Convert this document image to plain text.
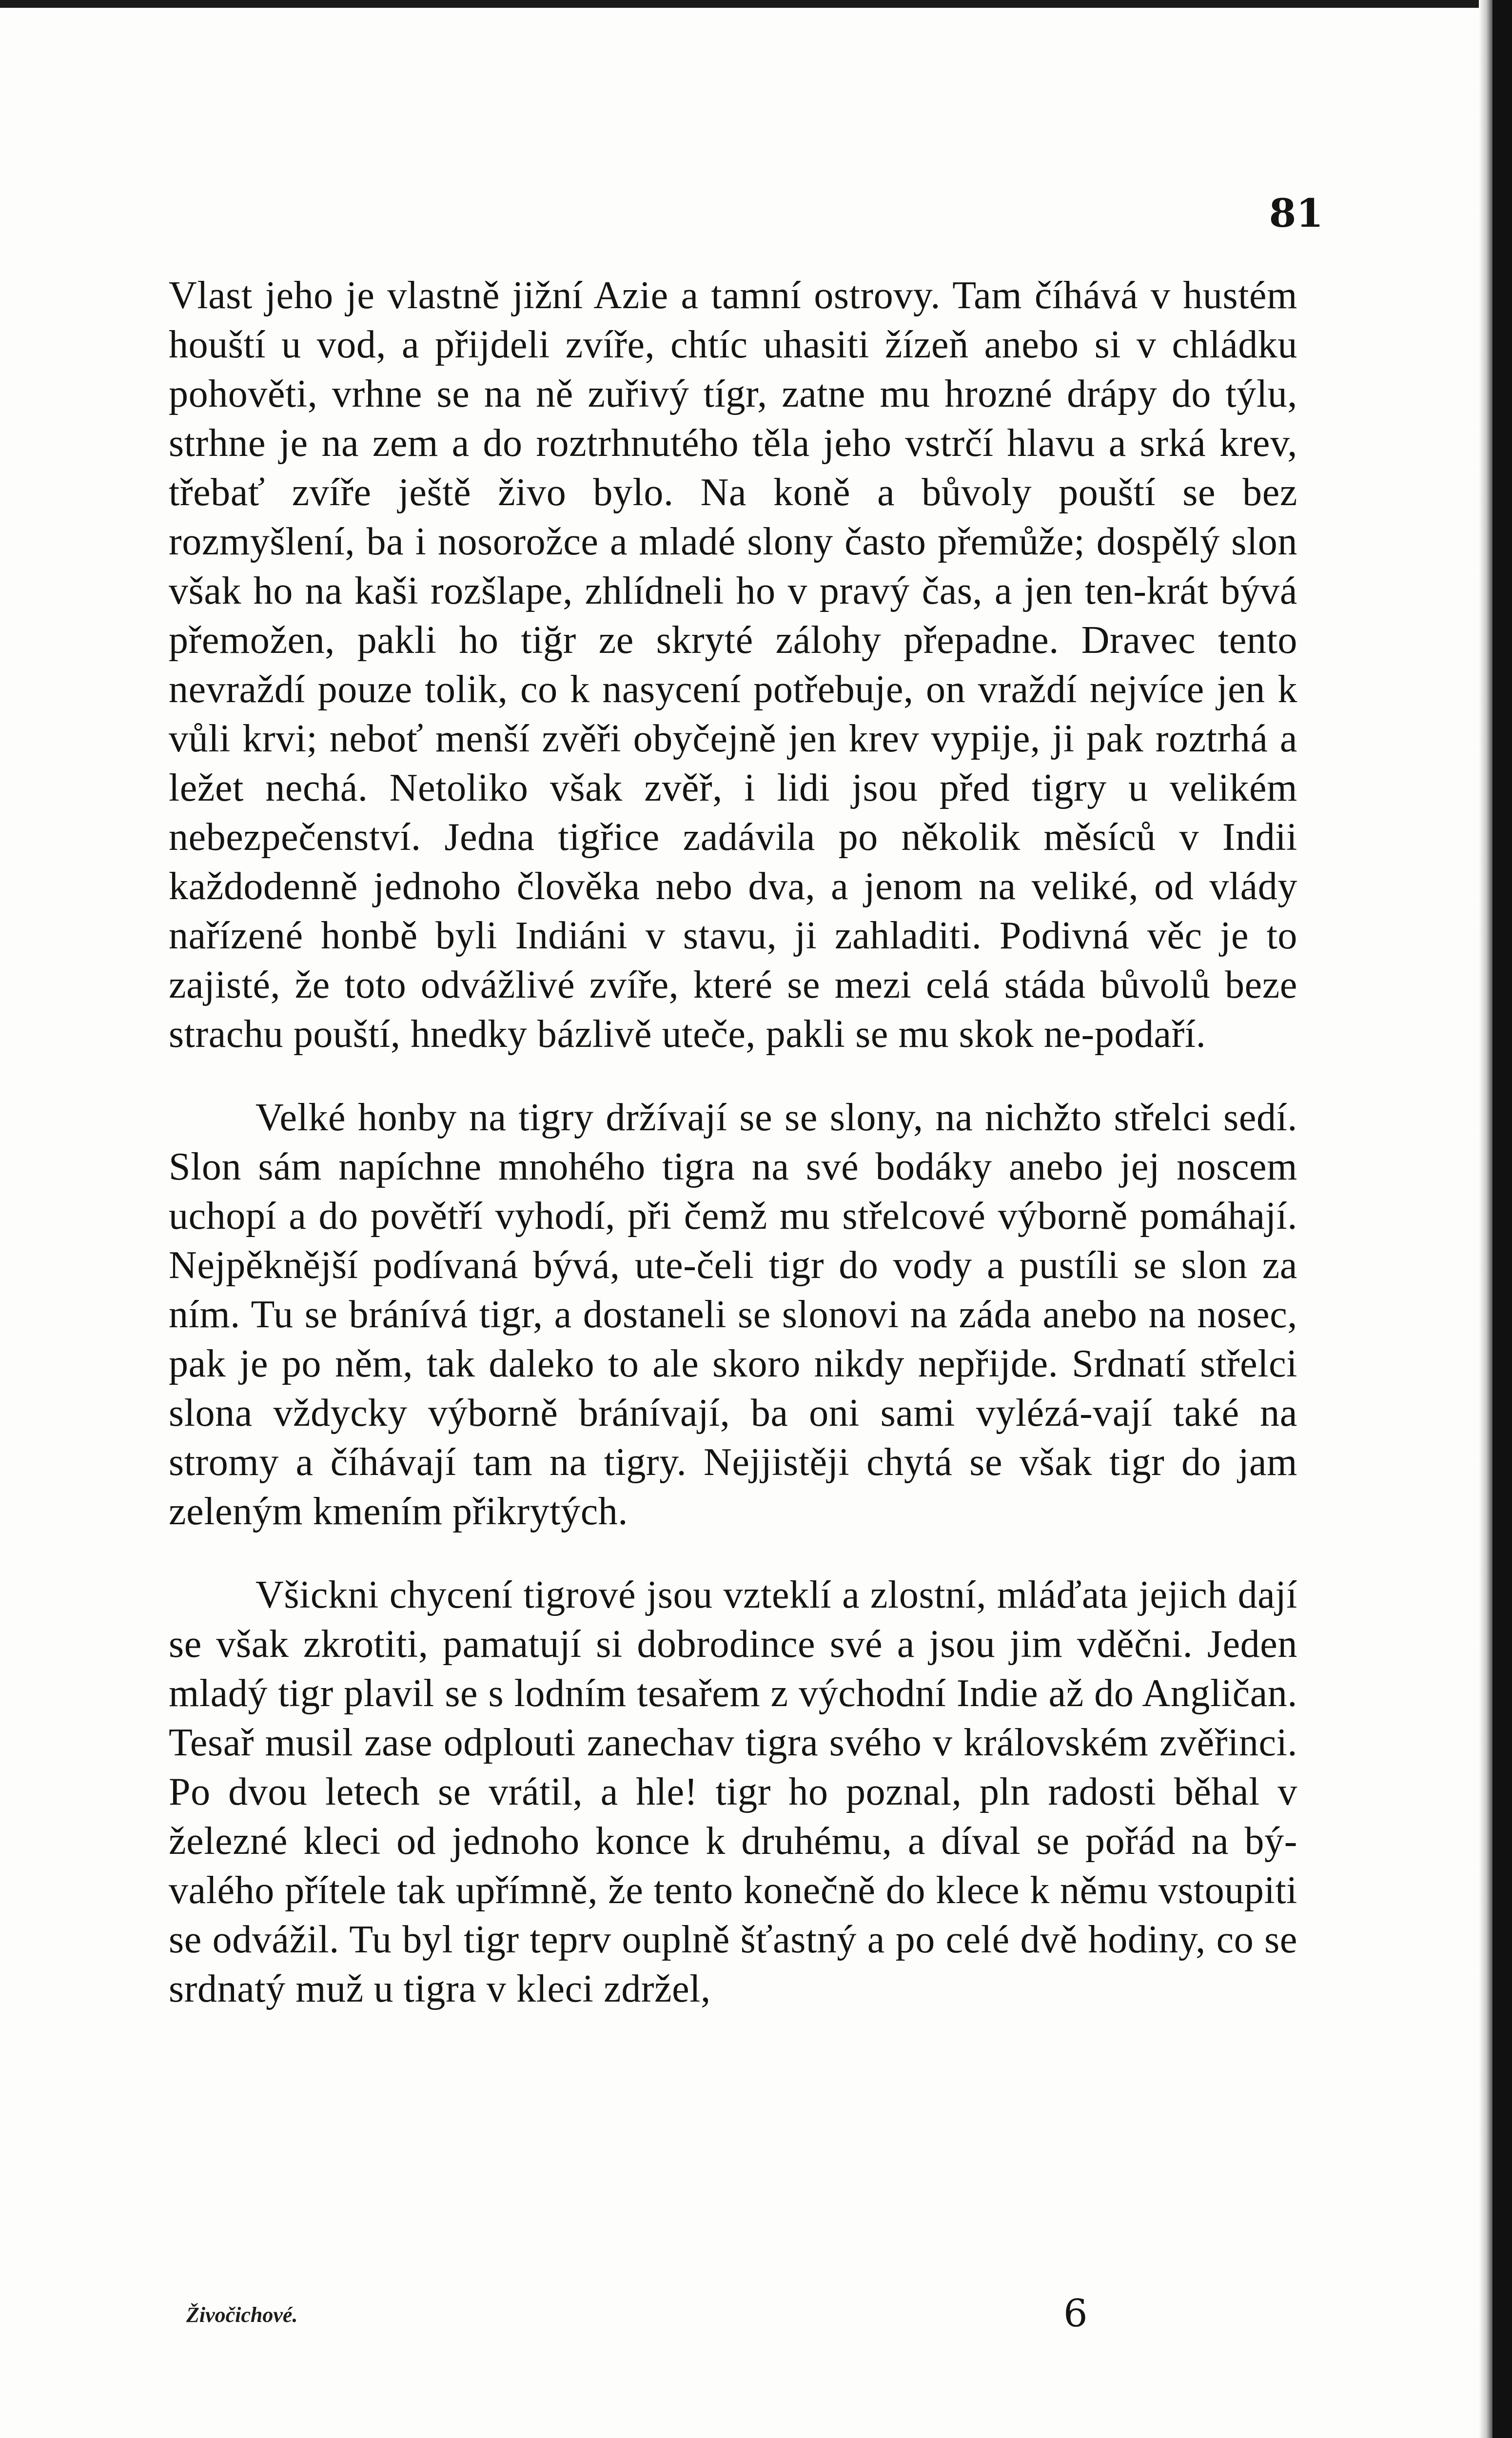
81

Vlast jeho je vlastně jižní Azie a tamní ostrovy. Tam číhává v hustém houští u vod, a přijdeli zvíře, chtíc uhasiti žízeň anebo si v chládku pohověti, vrhne se na ně zuřivý tígr, zatne mu hrozné drápy do týlu, strhne je na zem a do roztrhnutého těla jeho vstrčí hlavu a srká krev, třebať zvíře ještě živo bylo. Na koně a bůvoly pouští se bez rozmyšlení, ba i nosorožce a mladé slony často přemůže; dospělý slon však ho na kaši rozšlape, zhlídneli ho v pravý čas, a jen ten-krát bývá přemožen, pakli ho tiğr ze skryté zálohy přepadne. Dravec tento nevraždí pouze tolik, co k nasycení potřebuje, on vraždí nejvíce jen k vůli krvi; neboť menší zvěři obyčejně jen krev vypije, ji pak roztrhá a ležet nechá. Netoliko však zvěř, i lidi jsou před tigry u velikém nebezpečenství. Jedna tigřice zadávila po několik měsíců v Indii každodenně jednoho člověka nebo dva, a jenom na veliké, od vlády nařízené honbě byli Indiáni v stavu, ji zahladiti. Podivná věc je to zajisté, že toto odvážlivé zvíře, které se mezi celá stáda bůvolů beze strachu pouští, hnedky bázlivě uteče, pakli se mu skok ne-podaří.

Velké honby na tigry držívají se se slony, na nichžto střelci sedí. Slon sám napíchne mnohého tigra na své bodáky anebo jej noscem uchopí a do povětří vyhodí, při čemž mu střelcové výborně pomáhají. Nejpěknější podívaná bývá, ute-čeli tigr do vody a pustíli se slon za ním. Tu se bránívá tigr, a dostaneli se slonovi na záda anebo na nosec, pak je po něm, tak daleko to ale skoro nikdy nepřijde. Srdnatí střelci slona vždycky výborně bránívají, ba oni sami vylézá-vají také na stromy a číhávají tam na tigry. Nejjistěji chytá se však tigr do jam zeleným kmením přikrytých.

Všickni chycení tigrové jsou vzteklí a zlostní, mláďata jejich dají se však zkrotiti, pamatují si dobrodince své a jsou jim vděčni. Jeden mladý tigr plavil se s lodním tesařem z východní Indie až do Angličan. Tesař musil zase odplouti zanechav tigra svého v královském zvěřinci. Po dvou letech se vrátil, a hle! tigr ho poznal, pln radosti běhal v železné kleci od jednoho konce k druhému, a díval se pořád na bý-valého přítele tak upřímně, že tento konečně do klece k němu vstoupiti se odvážil. Tu byl tigr teprv ouplně šťastný a po celé dvě hodiny, co se srdnatý muž u tigra v kleci zdržel,

Živočichové.	6
